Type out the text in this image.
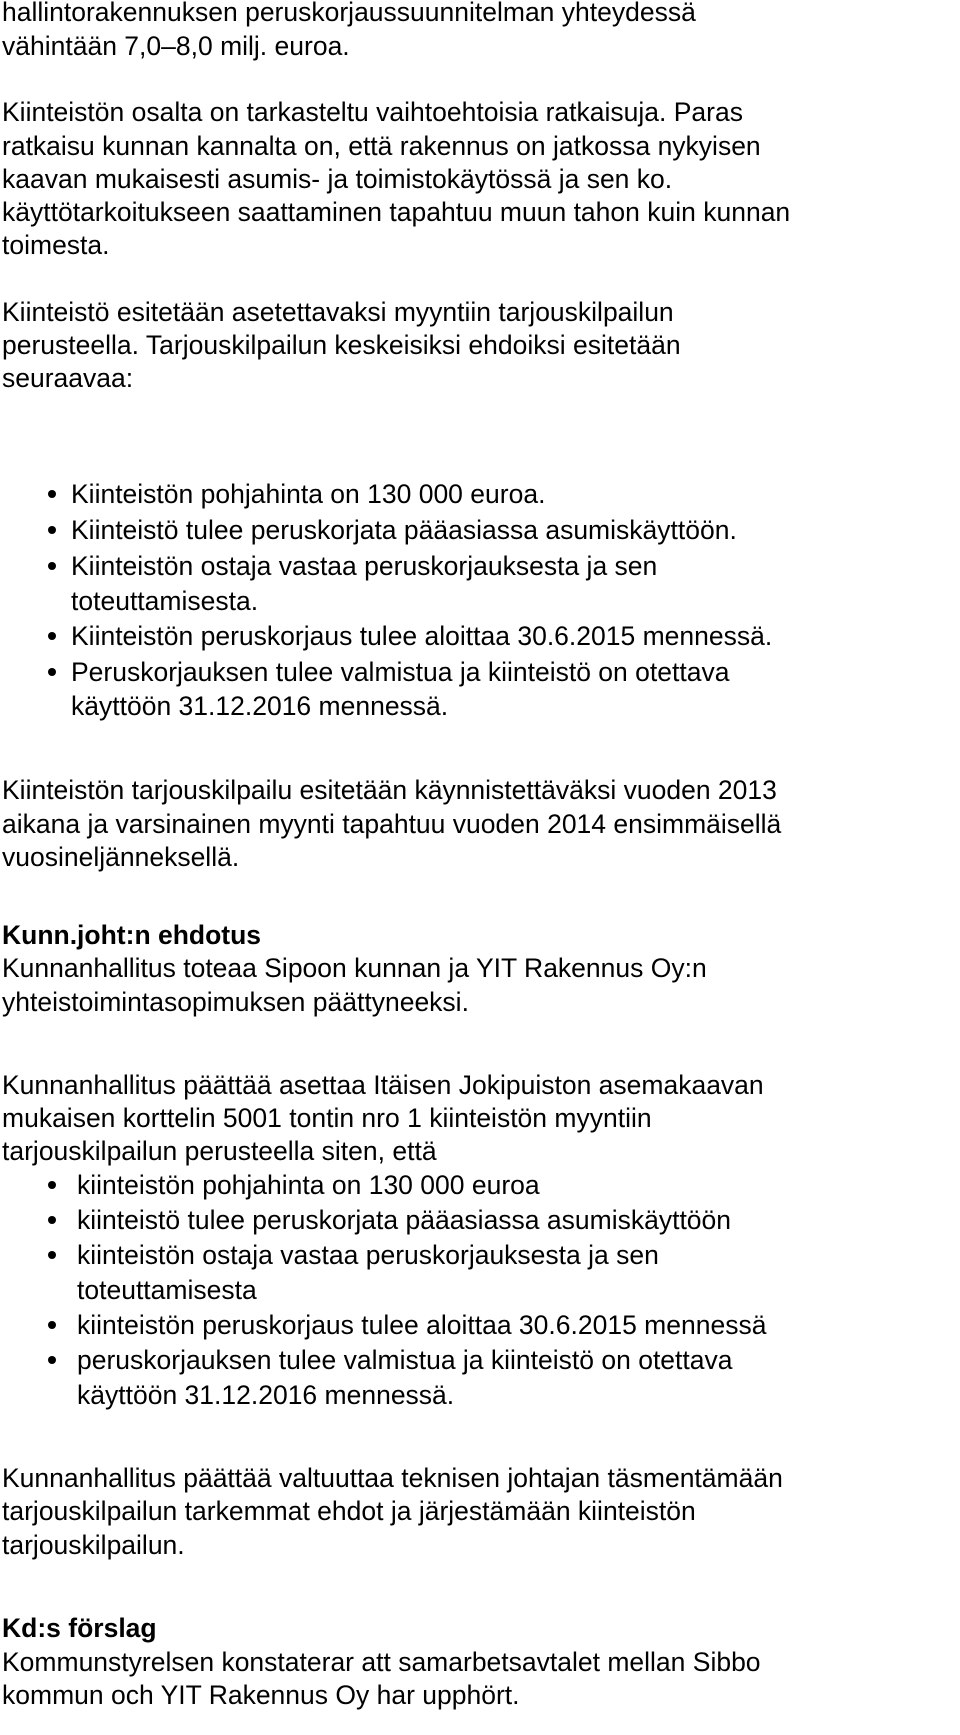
hallintorakennuksen peruskorjaussuunnitelman yhteydessä
vähintään 7,0–8,0 milj. euroa.
Kiinteistön osalta on tarkasteltu vaihtoehtoisia ratkaisuja. Paras
ratkaisu kunnan kannalta on, että rakennus on jatkossa nykyisen
kaavan mukaisesti asumis- ja toimistokäytössä ja sen ko.
käyttötarkoitukseen saattaminen tapahtuu muun tahon kuin kunnan
toimesta.
Kiinteistö esitetään asetettavaksi myyntiin tarjouskilpailun
perusteella. Tarjouskilpailun keskeisiksi ehdoiksi esitetään
seuraavaa:
Kiinteistön pohjahinta on 130 000 euroa.
Kiinteistö tulee peruskorjata pääasiassa asumiskäyttöön.
Kiinteistön ostaja vastaa peruskorjauksesta ja sen
toteuttamisesta.
Kiinteistön peruskorjaus tulee aloittaa 30.6.2015 mennessä.
Peruskorjauksen tulee valmistua ja kiinteistö on otettava
käyttöön 31.12.2016 mennessä.
Kiinteistön tarjouskilpailu esitetään käynnistettäväksi vuoden 2013
aikana ja varsinainen myynti tapahtuu vuoden 2014 ensimmäisellä
vuosineljänneksellä.
Kunn.joht:n ehdotus
Kunnanhallitus toteaa Sipoon kunnan ja YIT Rakennus Oy:n
yhteistoimintasopimuksen päättyneeksi.
Kunnanhallitus päättää asettaa Itäisen Jokipuiston asemakaavan
mukaisen korttelin 5001 tontin nro 1 kiinteistön myyntiin
tarjouskilpailun perusteella siten, että
kiinteistön pohjahinta on 130 000 euroa
kiinteistö tulee peruskorjata pääasiassa asumiskäyttöön
kiinteistön ostaja vastaa peruskorjauksesta ja sen
toteuttamisesta
kiinteistön peruskorjaus tulee aloittaa 30.6.2015 mennessä
peruskorjauksen tulee valmistua ja kiinteistö on otettava
käyttöön 31.12.2016 mennessä.
Kunnanhallitus päättää valtuuttaa teknisen johtajan täsmentämään
tarjouskilpailun tarkemmat ehdot ja järjestämään kiinteistön
tarjouskilpailun.
Kd:s förslag
Kommunstyrelsen konstaterar att samarbetsavtalet mellan Sibbo
kommun och YIT Rakennus Oy har upphört.
